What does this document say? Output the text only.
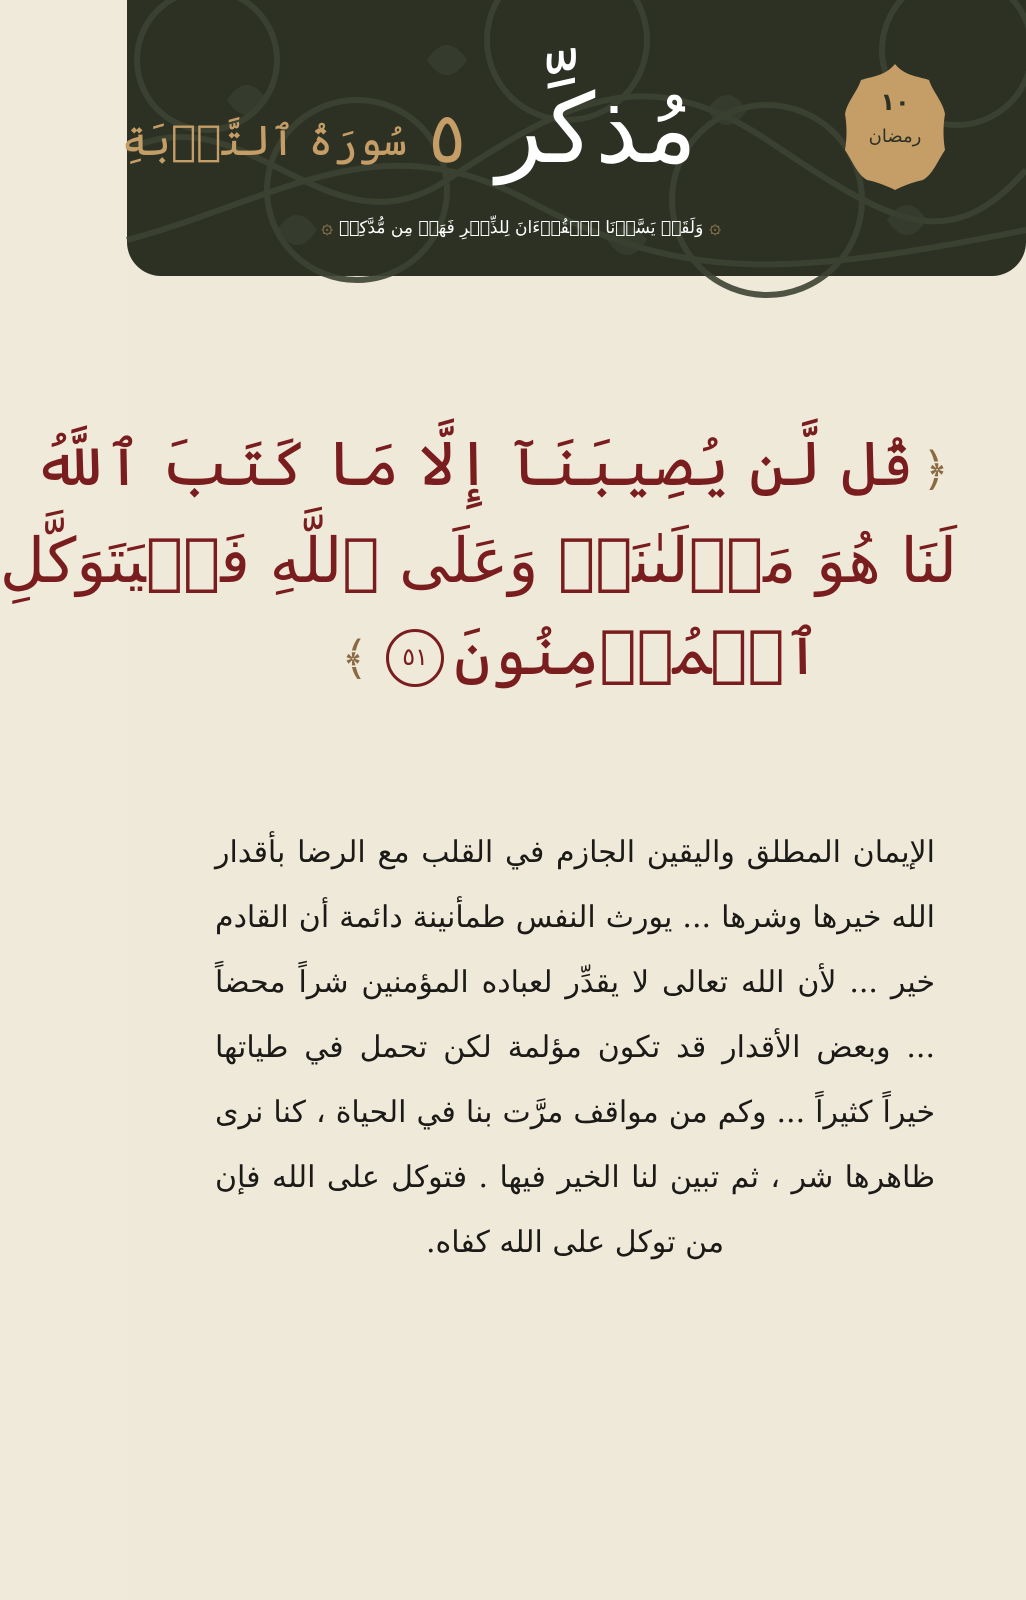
١٠
رمضان
مُذكِّر ٥
سُورَةُ ٱلتَّوۡبَةِ
۞وَلَقَدۡ يَسَّرۡنَا ٱلۡقُرۡءَانَ لِلذِّكۡرِ فَهَلۡ مِن مُّدَّكِرٖ۞
﴿قُل لَّن يُصِيبَنَآ إِلَّا مَا كَتَبَ ٱللَّهُ
لَنَا هُوَ مَوۡلَىٰنَاۚ وَعَلَى ٱللَّهِ فَلۡيَتَوَكَّلِ
ٱلۡمُؤۡمِنُونَ٥١﴾
الإيمان المطلق واليقين الجازم في القلب مع الرضا بأقدار الله خيرها وشرها ... يورث النفس طمأنينة دائمة أن القادم خير ... لأن الله تعالى لا يقدِّر لعباده المؤمنين شراً محضاً ... وبعض الأقدار قد تكون مؤلمة لكن تحمل في طياتها خيراً كثيراً ... وكم من مواقف مرَّت بنا في الحياة ، كنا نرى ظاهرها شر ، ثم تبين لنا الخير فيها . فتوكل على الله فإن من توكل على الله كفاه.
